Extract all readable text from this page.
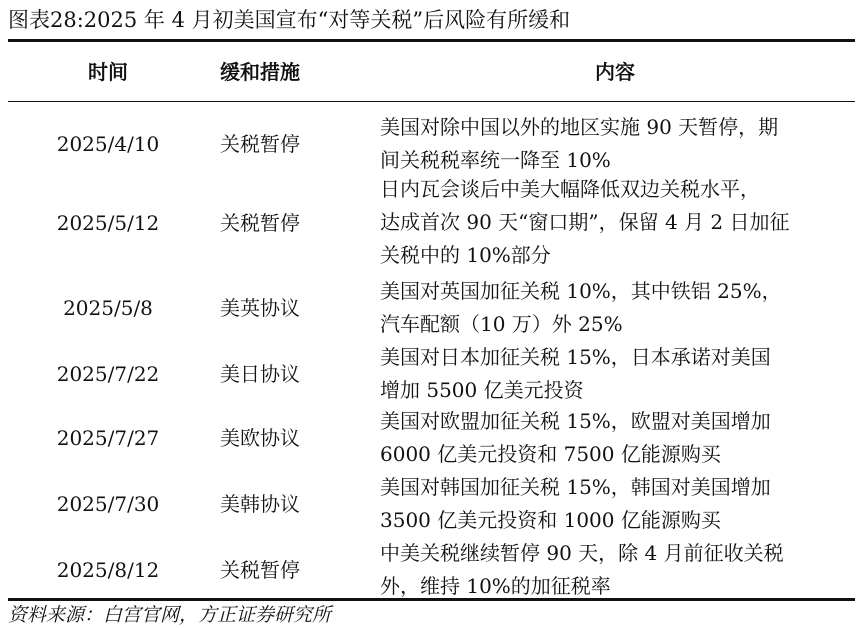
图表28:2025 年 4 月初美国宣布“对等关税”后风险有所缓和
时间	缓和措施	内容
2025/4/10	关税暂停
美国对除中国以外的地区实施 90 天暂停，期
间关税税率统一降至 10%
2025/5/12	关税暂停
日内瓦会谈后中美大幅降低双边关税水平，
达成首次 90 天“窗口期”，保留 4 月 2 日加征
关税中的 10%部分
2025/5/8	美英协议
美国对英国加征关税 10%，其中铁铝 25%，
汽车配额（10 万）外 25%
2025/7/22	美日协议
美国对日本加征关税 15%，日本承诺对美国
增加 5500 亿美元投资
2025/7/27	美欧协议
美国对欧盟加征关税 15%，欧盟对美国增加
6000 亿美元投资和 7500 亿能源购买
2025/7/30	美韩协议
美国对韩国加征关税 15%，韩国对美国增加
3500 亿美元投资和 1000 亿能源购买
2025/8/12	关税暂停
中美关税继续暂停 90 天，除 4 月前征收关税
外，维持 10%的加征税率
资料来源：白宫官网，方正证券研究所
